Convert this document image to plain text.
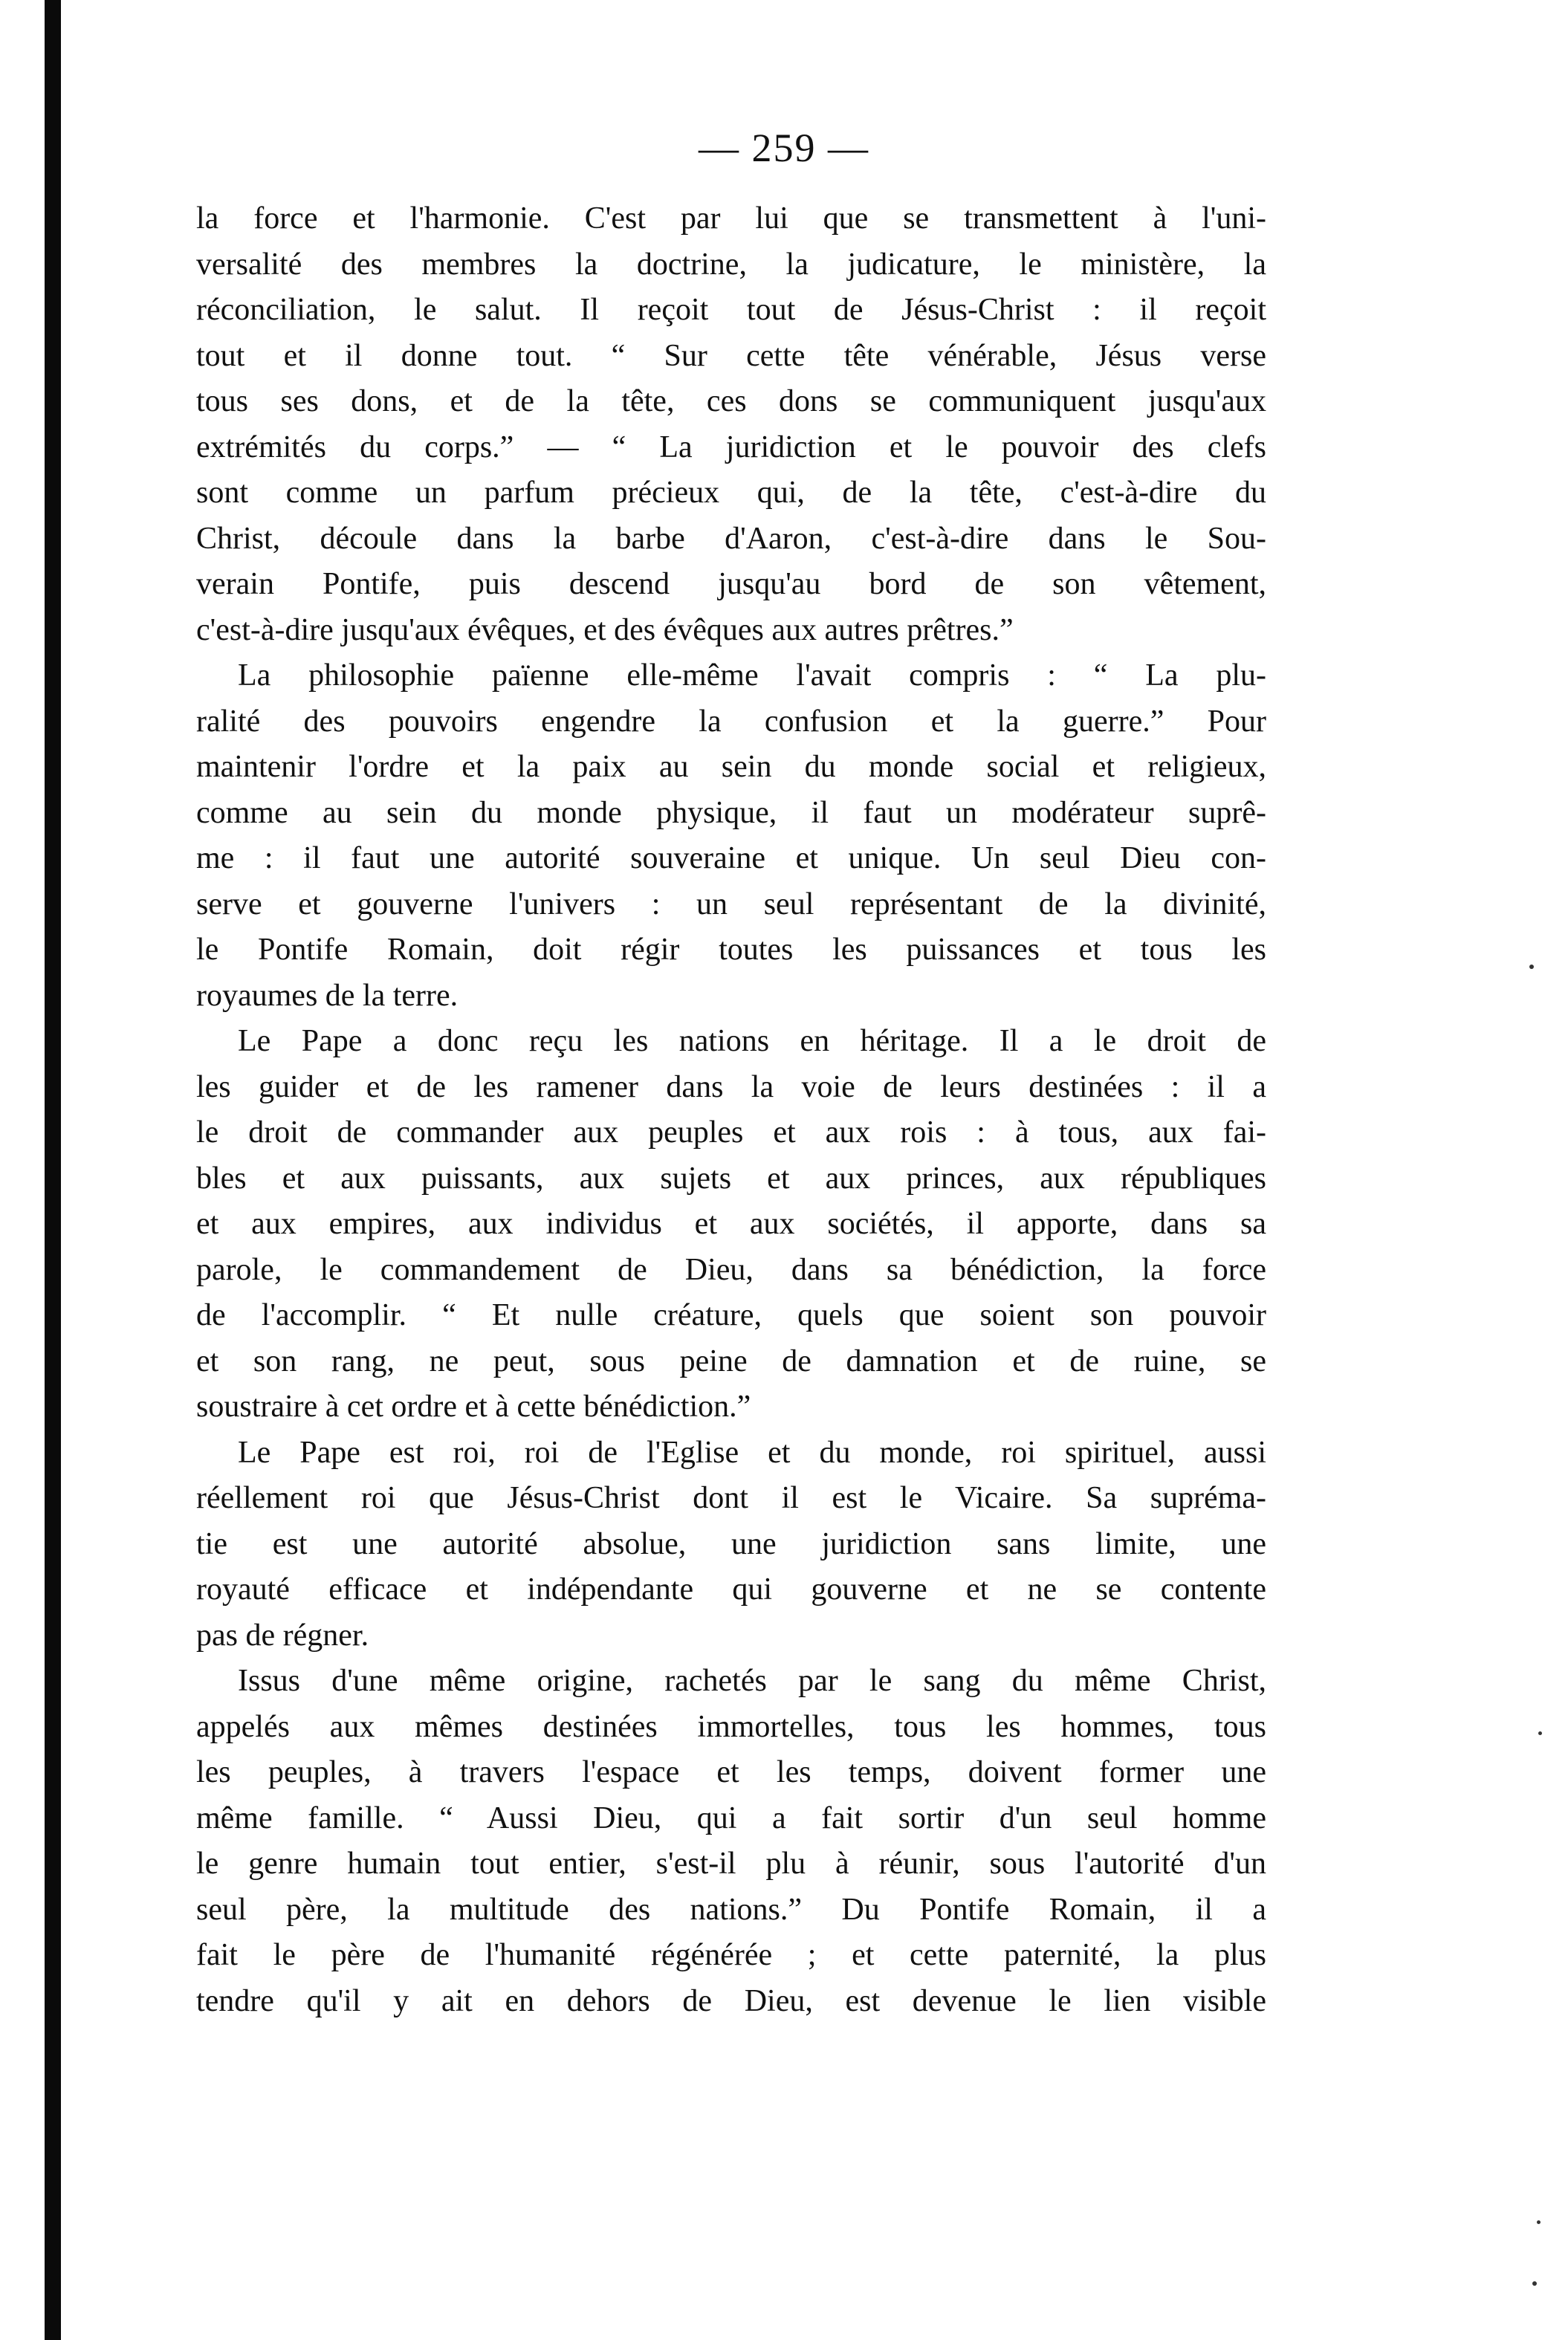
— 259 —
la force et l'harmonie. C'est par lui que se transmettent à l'uni-
versalité des membres la doctrine, la judicature, le ministère, la
réconciliation, le salut. Il reçoit tout de Jésus-Christ : il reçoit
tout et il donne tout. “ Sur cette tête vénérable, Jésus verse
tous ses dons, et de la tête, ces dons se communiquent jusqu'aux
extrémités du corps.” — “ La juridiction et le pouvoir des clefs
sont comme un parfum précieux qui, de la tête, c'est-à-dire du
Christ, découle dans la barbe d'Aaron, c'est-à-dire dans le Sou-
verain Pontife, puis descend jusqu'au bord de son vêtement,
c'est-à-dire jusqu'aux évêques, et des évêques aux autres prêtres.”
La philosophie païenne elle-même l'avait compris : “ La plu-
ralité des pouvoirs engendre la confusion et la guerre.” Pour
maintenir l'ordre et la paix au sein du monde social et religieux,
comme au sein du monde physique, il faut un modérateur suprê-
me : il faut une autorité souveraine et unique. Un seul Dieu con-
serve et gouverne l'univers : un seul représentant de la divinité,
le Pontife Romain, doit régir toutes les puissances et tous les
royaumes de la terre.
Le Pape a donc reçu les nations en héritage. Il a le droit de
les guider et de les ramener dans la voie de leurs destinées : il a
le droit de commander aux peuples et aux rois : à tous, aux fai-
bles et aux puissants, aux sujets et aux princes, aux républiques
et aux empires, aux individus et aux sociétés, il apporte, dans sa
parole, le commandement de Dieu, dans sa bénédiction, la force
de l'accomplir. “ Et nulle créature, quels que soient son pouvoir
et son rang, ne peut, sous peine de damnation et de ruine, se
soustraire à cet ordre et à cette bénédiction.”
Le Pape est roi, roi de l'Eglise et du monde, roi spirituel, aussi
réellement roi que Jésus-Christ dont il est le Vicaire. Sa supréma-
tie est une autorité absolue, une juridiction sans limite, une
royauté efficace et indépendante qui gouverne et ne se contente
pas de régner.
Issus d'une même origine, rachetés par le sang du même Christ,
appelés aux mêmes destinées immortelles, tous les hommes, tous
les peuples, à travers l'espace et les temps, doivent former une
même famille. “ Aussi Dieu, qui a fait sortir d'un seul homme
le genre humain tout entier, s'est-il plu à réunir, sous l'autorité d'un
seul père, la multitude des nations.” Du Pontife Romain, il a
fait le père de l'humanité régénérée ; et cette paternité, la plus
tendre qu'il y ait en dehors de Dieu, est devenue le lien visible
